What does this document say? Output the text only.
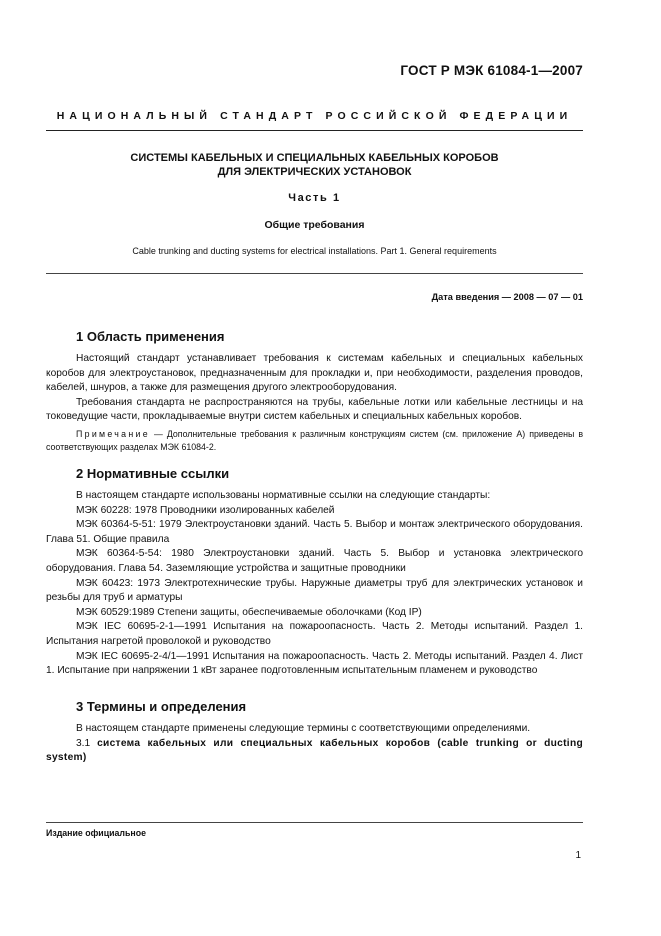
ГОСТ Р МЭК 61084-1—2007
НАЦИОНАЛЬНЫЙ СТАНДАРТ РОССИЙСКОЙ ФЕДЕРАЦИИ
СИСТЕМЫ КАБЕЛЬНЫХ И СПЕЦИАЛЬНЫХ КАБЕЛЬНЫХ КОРОБОВ
ДЛЯ ЭЛЕКТРИЧЕСКИХ УСТАНОВОК
Часть 1
Общие требования
Cable trunking and ducting systems for electrical installations. Part 1. General requirements
Дата введения — 2008 — 07 — 01
1 Область применения

Настоящий стандарт устанавливает требования к системам кабельных и специальных кабельных коробов для электроустановок, предназначенным для прокладки и, при необходимости, разделения проводов, кабелей, шнуров, а также для размещения другого электрооборудования.

Требования стандарта не распространяются на трубы, кабельные лотки или кабельные лестницы и на токоведущие части, прокладываемые внутри систем кабельных и специальных кабельных коробов.

Примечание — Дополнительные требования к различным конструкциям систем (см. приложение А) приведены в соответствующих разделах МЭК 61084-2.

2 Нормативные ссылки

В настоящем стандарте использованы нормативные ссылки на следующие стандарты:

МЭК 60228: 1978 Проводники изолированных кабелей

МЭК 60364-5-51: 1979 Электроустановки зданий. Часть 5. Выбор и монтаж электрического оборудования. Глава 51. Общие правила

МЭК 60364-5-54: 1980 Электроустановки зданий. Часть 5. Выбор и установка электрического оборудования. Глава 54. Заземляющие устройства и защитные проводники

МЭК 60423: 1973 Электротехнические трубы. Наружные диаметры труб для электрических установок и резьбы для труб и арматуры

МЭК 60529:1989 Степени защиты, обеспечиваемые оболочками (Код IP)

МЭК IEC 60695-2-1—1991 Испытания на пожароопасность. Часть 2. Методы испытаний. Раздел 1. Испытания нагретой проволокой и руководство

МЭК IEC 60695-2-4/1—1991 Испытания на пожароопасность. Часть 2. Методы испытаний. Раздел 4. Лист 1. Испытание при напряжении 1 кВт заранее подготовленным испытательным пламенем и руководство

3 Термины и определения

В настоящем стандарте применены следующие термины с соответствующими определениями.

3.1 система кабельных или специальных кабельных коробов (cable trunking or ducting system)

Издание официальное
1
